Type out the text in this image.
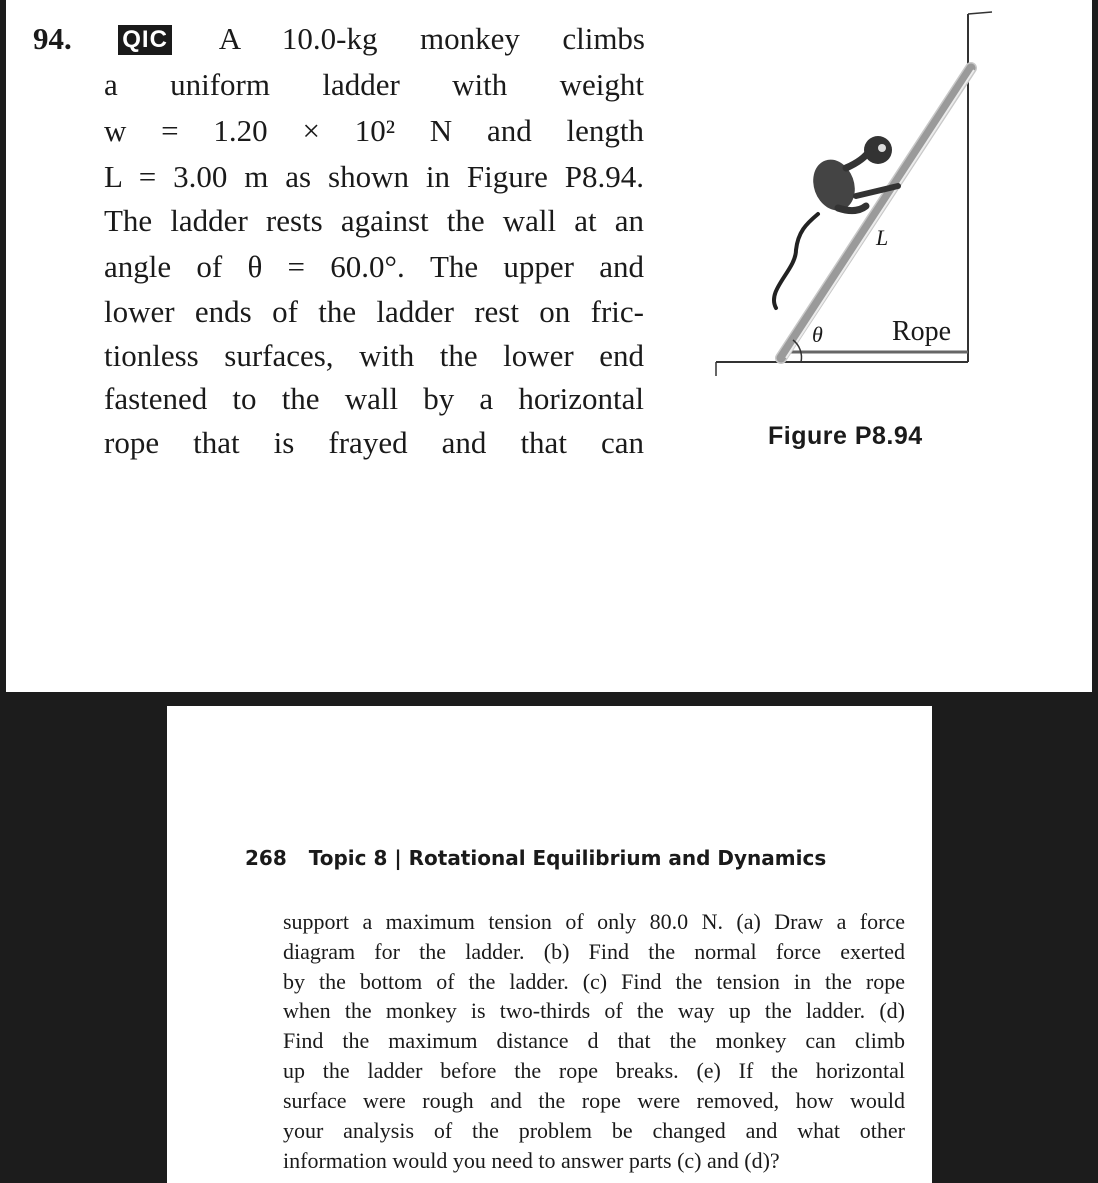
94. QIC A 10.0-kg monkey climbs
a uniform ladder with weight
w = 1.20 × 10² N and length
L = 3.00 m as shown in Figure P8.94.
The ladder rests against the wall at an
angle of θ = 60.0°. The upper and
lower ends of the ladder rest on fric-
tionless surfaces, with the lower end
fastened to the wall by a horizontal
rope that is frayed and that can
L
θ Rope
Figure P8.94
268 Topic 8 | Rotational Equilibrium and Dynamics
support a maximum tension of only 80.0 N. (a) Draw a force
diagram for the ladder. (b) Find the normal force exerted
by the bottom of the ladder. (c) Find the tension in the rope
when the monkey is two-thirds of the way up the ladder. (d)
Find the maximum distance d that the monkey can climb
up the ladder before the rope breaks. (e) If the horizontal
surface were rough and the rope were removed, how would
your analysis of the problem be changed and what other
information would you need to answer parts (c) and (d)?
